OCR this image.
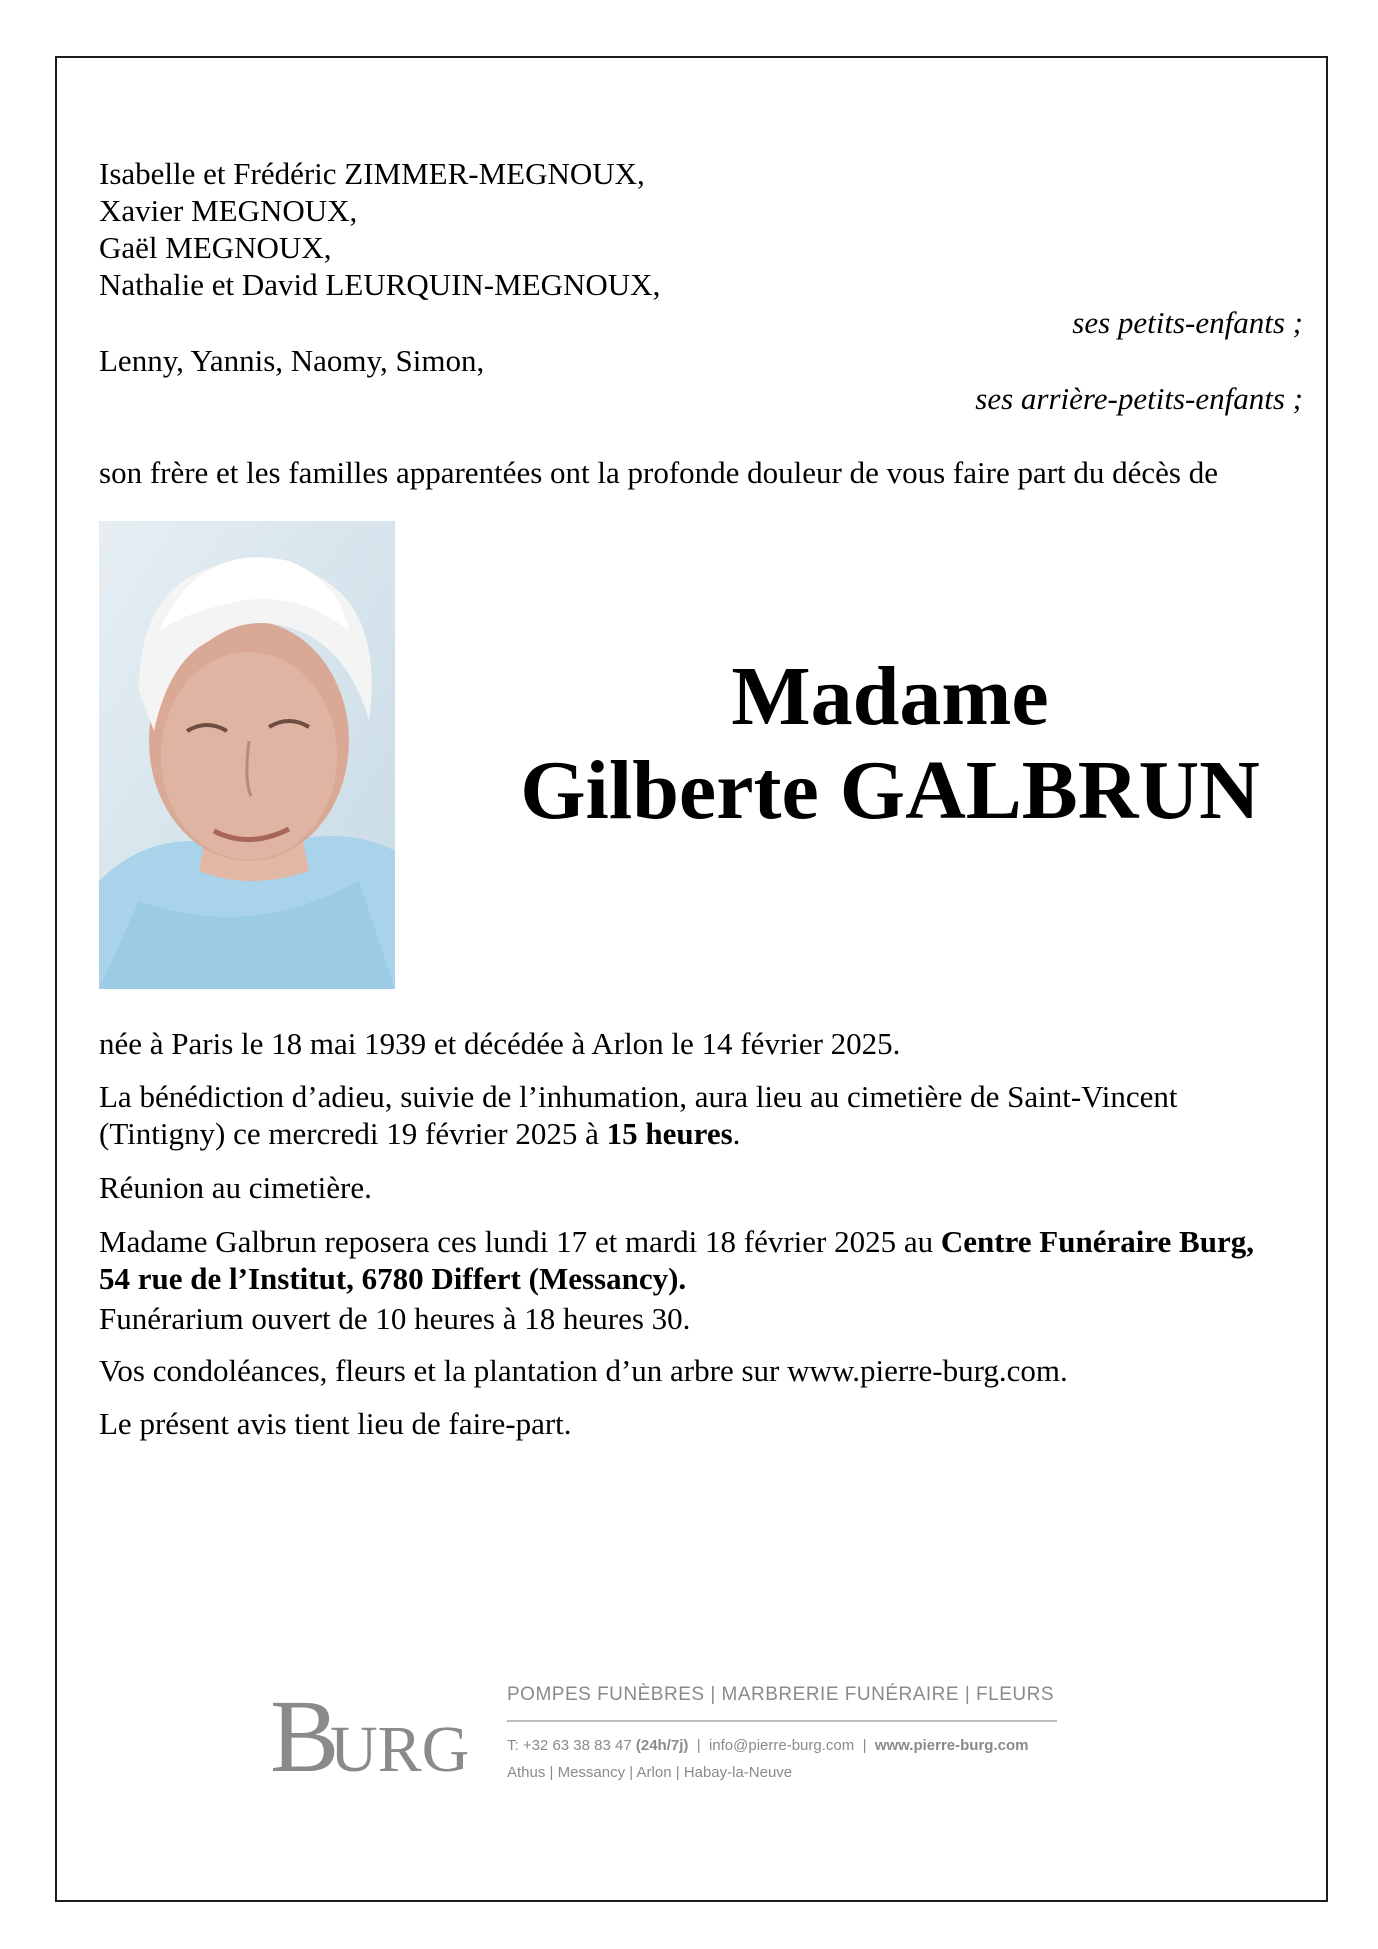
Isabelle et Frédéric ZIMMER-MEGNOUX,
Xavier MEGNOUX,
Gaël MEGNOUX,
Nathalie et David LEURQUIN-MEGNOUX,
ses petits-enfants ;
Lenny, Yannis, Naomy, Simon,
ses arrière-petits-enfants ;
son frère et les familles apparentées ont la profonde douleur de vous faire part du décès de
Madame
Gilberte GALBRUN
née à Paris le 18 mai 1939 et décédée à Arlon le 14 février 2025.
La bénédiction d’adieu, suivie de l’inhumation, aura lieu au cimetière de Saint-Vincent (Tintigny) ce mercredi 19 février 2025 à 15 heures.
Réunion au cimetière.
Madame Galbrun reposera ces lundi 17 et mardi 18 février 2025 au Centre Funéraire Burg, 54 rue de l’Institut, 6780 Differt (Messancy).
Funérarium ouvert de 10 heures à 18 heures 30.
Vos condoléances, fleurs et la plantation d’un arbre sur www.pierre-burg.com.
Le présent avis tient lieu de faire-part.
B
URG
POMPES FUNÈBRES | MARBRERIE FUNÉRAIRE | FLEURS
T: +32 63 38 83 47 (24h/7j)  |  info@pierre-burg.com  |  www.pierre-burg.com
Athus | Messancy | Arlon | Habay-la-Neuve
